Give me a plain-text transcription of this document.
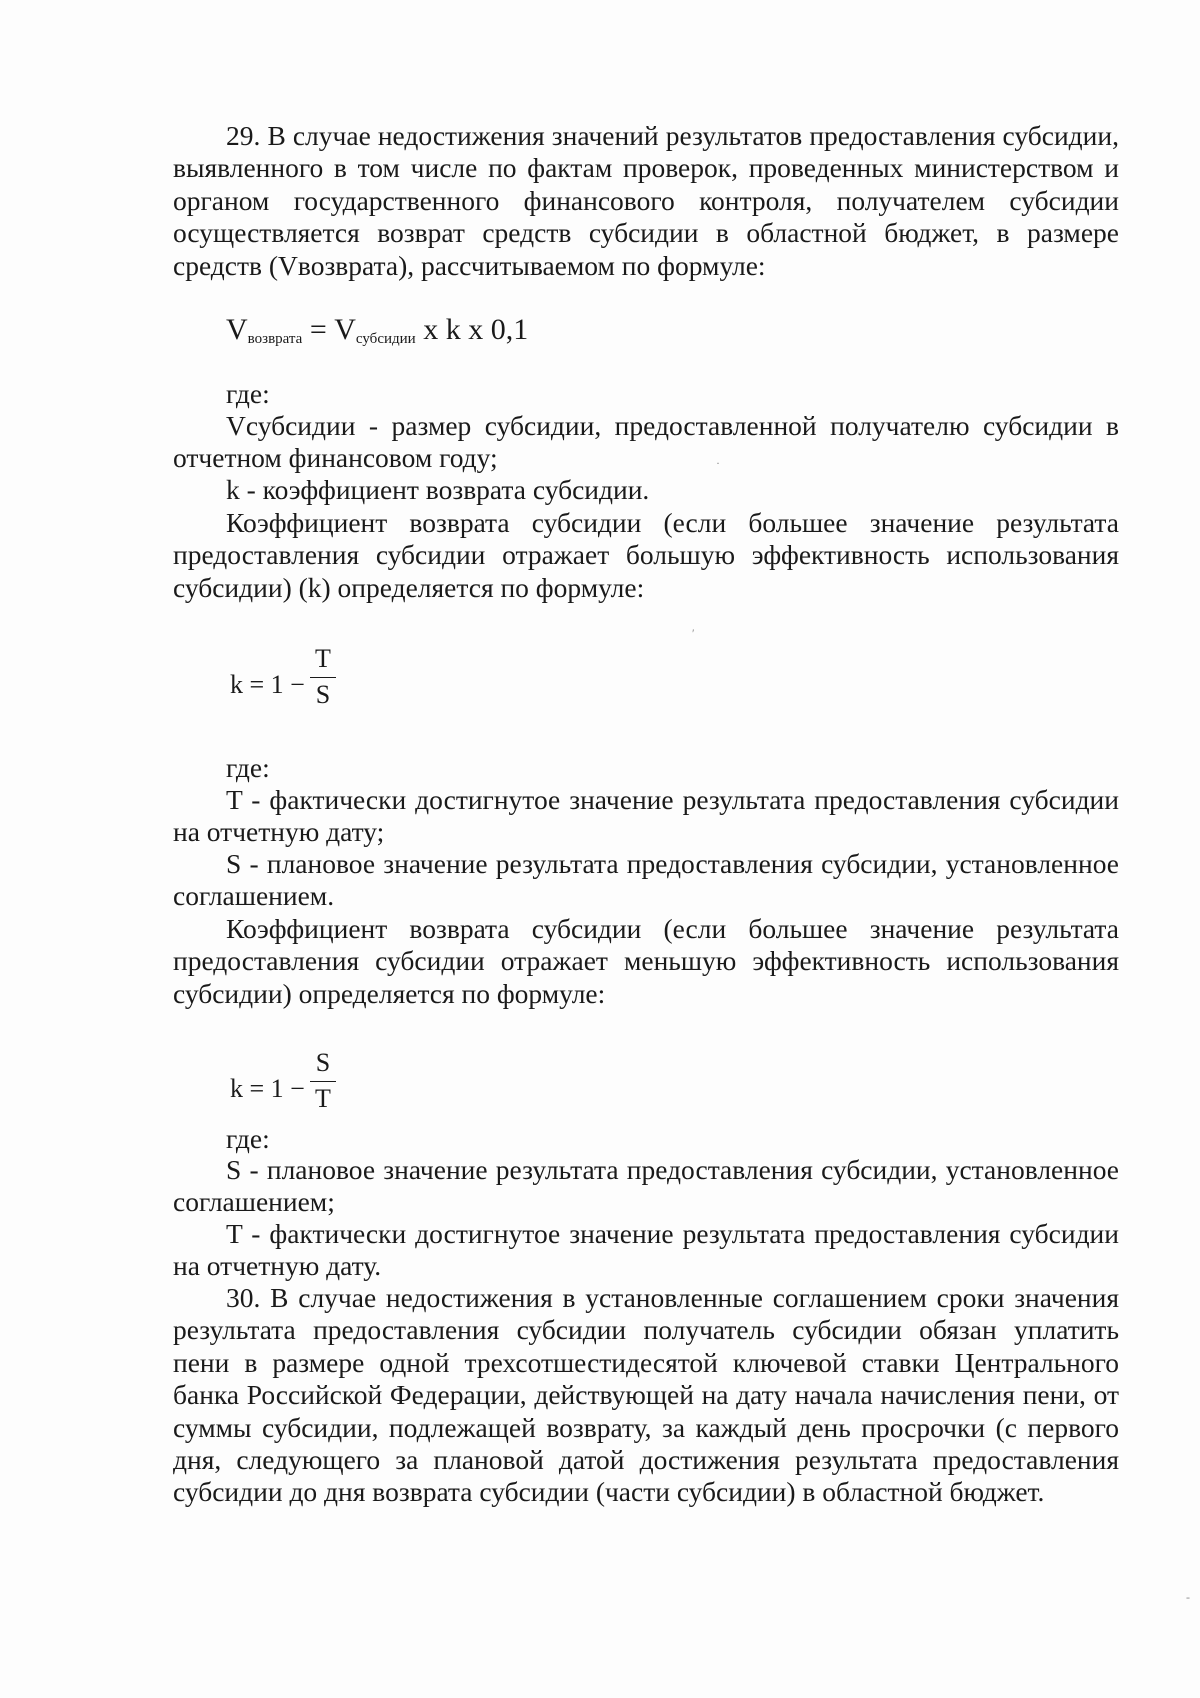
29. В случае недостижения значений результатов предоставления субсидии, выявленного в том числе по фактам проверок, проведенных министерством и органом государственного финансового контроля, получателем субсидии осуществляется возврат средств субсидии в областной бюджет, в размере средств (Vвозврата), рассчитываемом по формуле:

$V_{возврата} = V_{субсидии}$ x k x 0,1

где:

Vсубсидии - размер субсидии, предоставленной получателю субсидии в отчетном финансовом году;

k - коэффициент возврата субсидии.

Коэффициент возврата субсидии (если большее значение результата предоставления субсидии отражает большую эффективность использования субсидии) (k) определяется по формуле:

k = 1 −
T
S

где:

T - фактически достигнутое значение результата предоставления субсидии на отчетную дату;

S - плановое значение результата предоставления субсидии, установленное соглашением.

Коэффициент возврата субсидии (если большее значение результата предоставления субсидии отражает меньшую эффективность использования субсидии) определяется по формуле:

k = 1 −
S
T

где:

S - плановое значение результата предоставления субсидии, установленное соглашением;

T - фактически достигнутое значение результата предоставления субсидии на отчетную дату.

30. В случае недостижения в установленные соглашением сроки значения результата предоставления субсидии получатель субсидии обязан уплатить пени в размере одной трехсотшестидесятой ключевой ставки Центрального банка Российской Федерации, действующей на дату начала начисления пени, от суммы субсидии, подлежащей возврату, за каждый день просрочки (с первого дня, следующего за плановой датой достижения результата предоставления субсидии до дня возврата субсидии (части субсидии) в областной бюджет.

·
′
-
